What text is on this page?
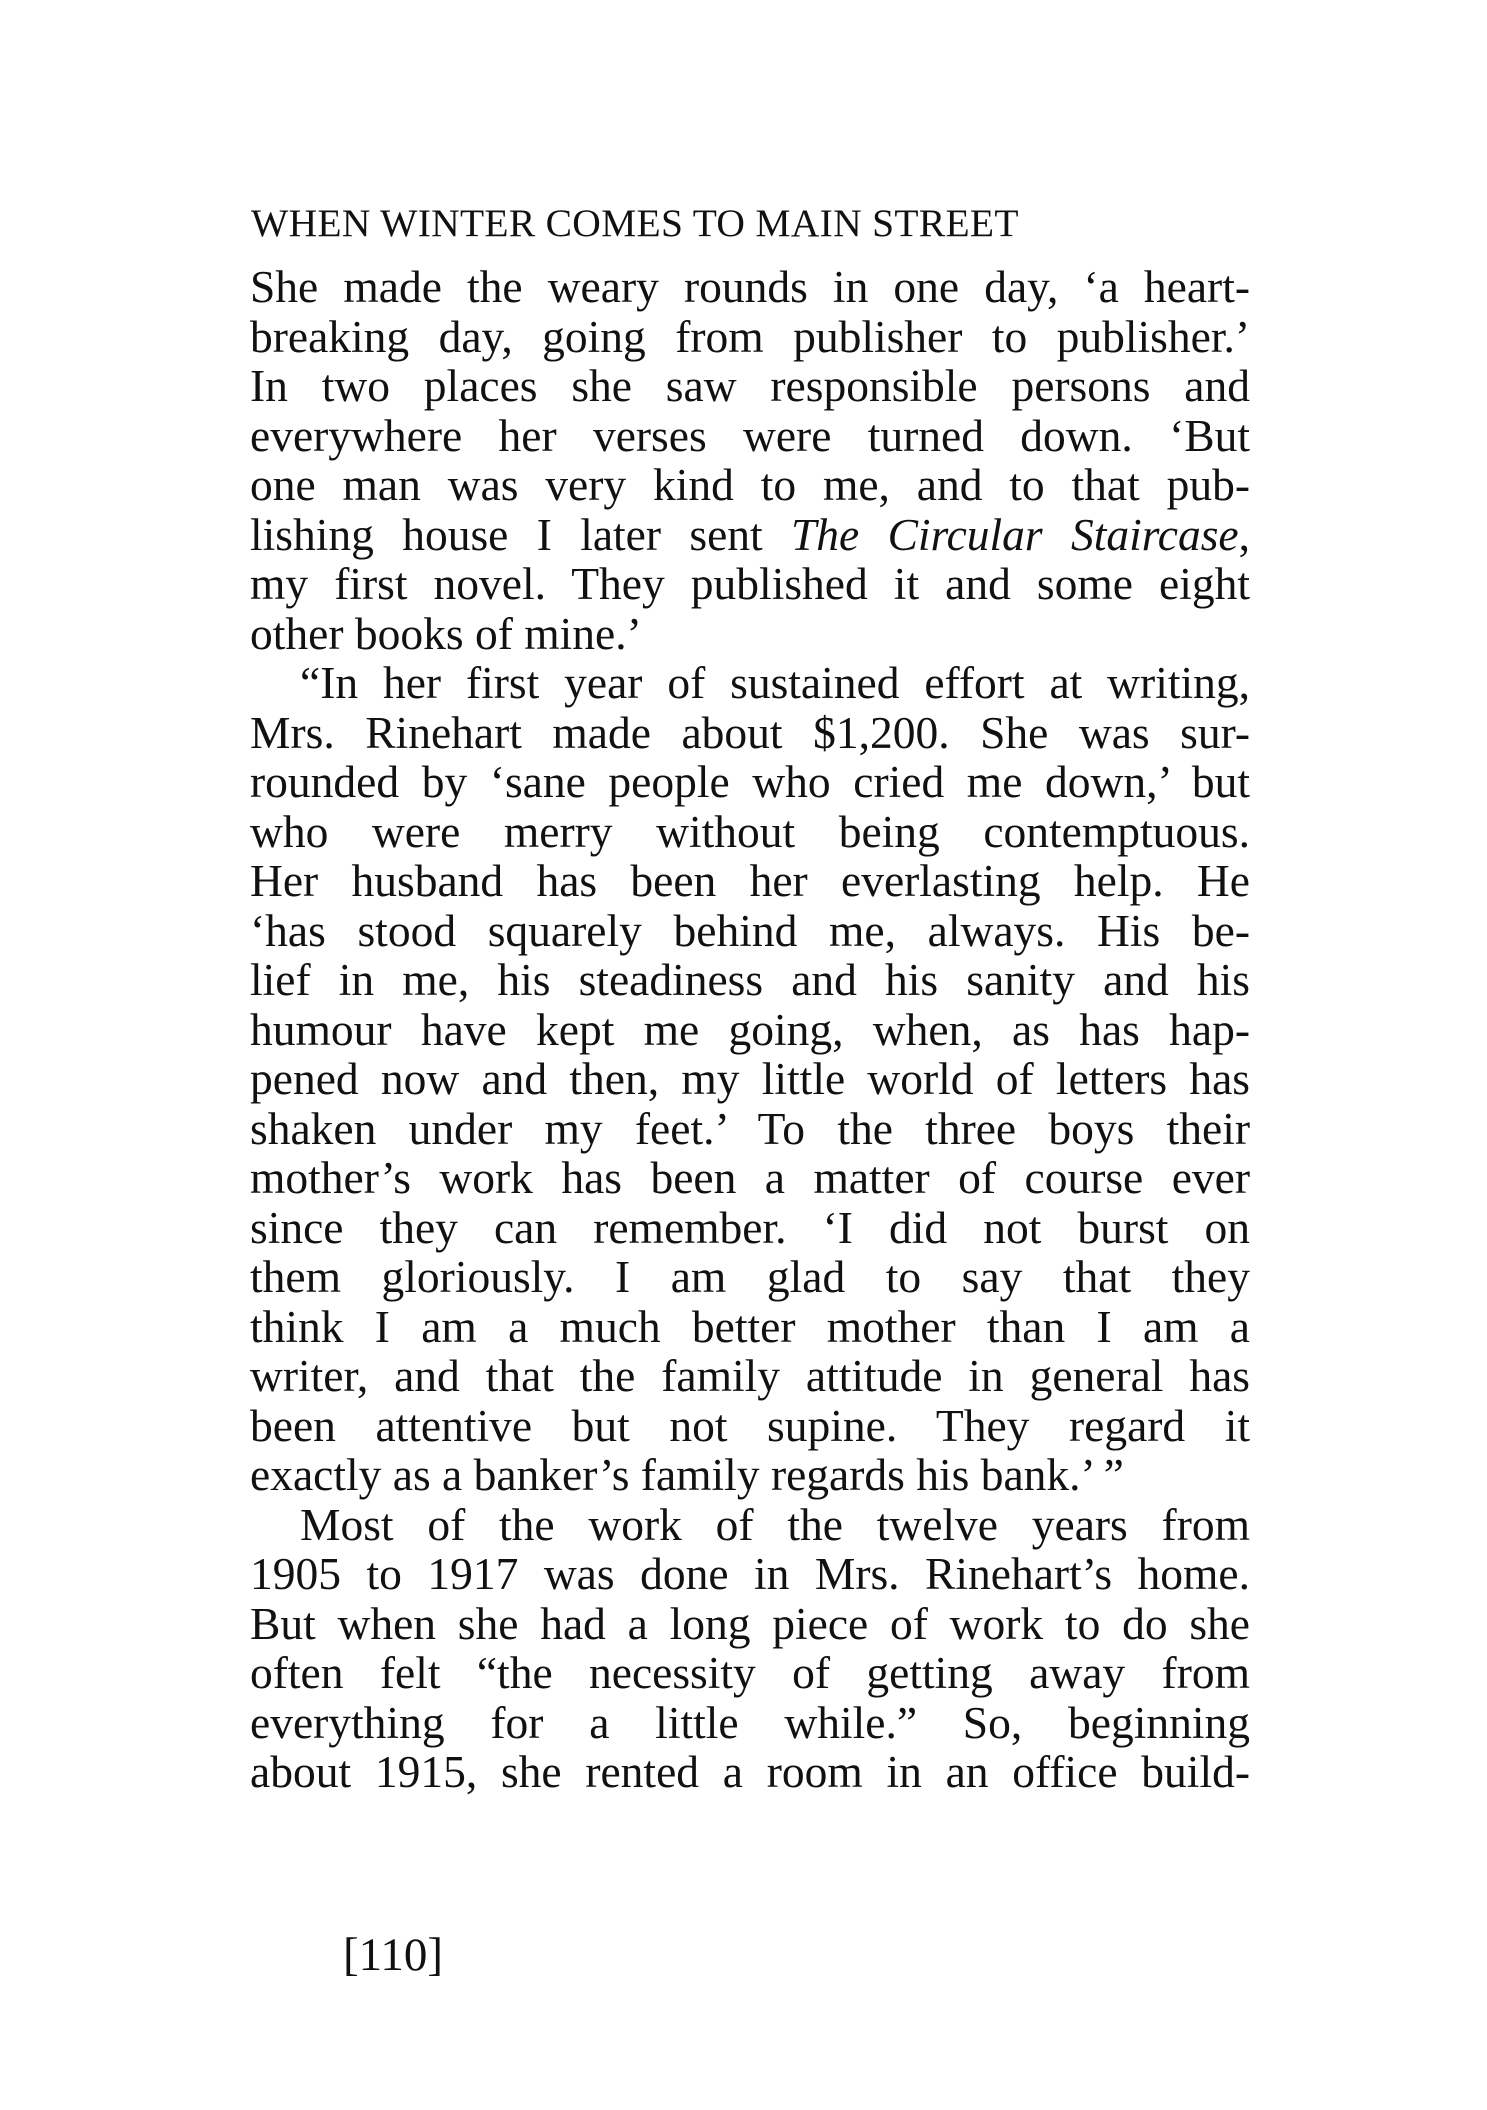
WHEN WINTER COMES TO MAIN STREET
She made the weary rounds in one day, ‘a heart-
breaking day, going from publisher to publisher.’
In two places she saw responsible persons and
everywhere her verses were turned down. ‘But
one man was very kind to me, and to that pub-
lishing house I later sent The Circular Staircase,
my first novel. They published it and some eight
other books of mine.’
“In her first year of sustained effort at writing,
Mrs. Rinehart made about $1,200. She was sur-
rounded by ‘sane people who cried me down,’ but
who were merry without being contemptuous.
Her husband has been her everlasting help. He
‘has stood squarely behind me, always. His be-
lief in me, his steadiness and his sanity and his
humour have kept me going, when, as has hap-
pened now and then, my little world of letters has
shaken under my feet.’ To the three boys their
mother’s work has been a matter of course ever
since they can remember. ‘I did not burst on
them gloriously. I am glad to say that they
think I am a much better mother than I am a
writer, and that the family attitude in general has
been attentive but not supine. They regard it
exactly as a banker’s family regards his bank.’ ”
Most of the work of the twelve years from
1905 to 1917 was done in Mrs. Rinehart’s home.
But when she had a long piece of work to do she
often felt “the necessity of getting away from
everything for a little while.” So, beginning
about 1915, she rented a room in an office build-
[110]
